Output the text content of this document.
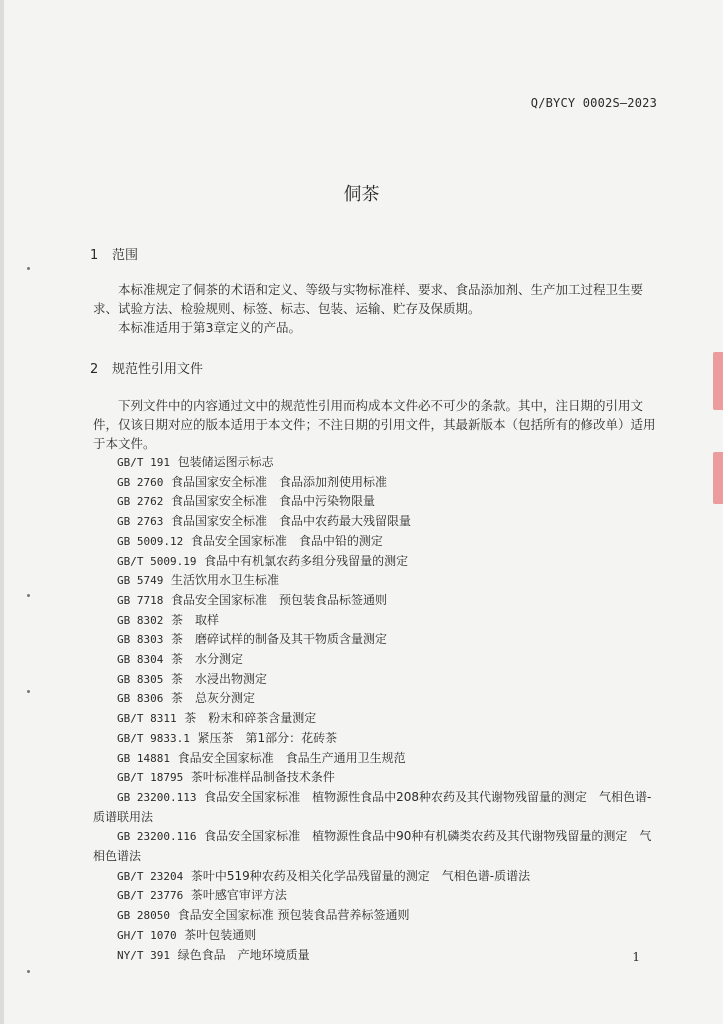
Q/BYCY 0002S—2023
侗茶
1 范围
本标准规定了侗茶的术语和定义、等级与实物标准样、要求、食品添加剂、生产加工过程卫生要求、试验方法、检验规则、标签、标志、包装、运输、贮存及保质期。
本标准适用于第3章定义的产品。
2 规范性引用文件
下列文件中的内容通过文中的规范性引用而构成本文件必不可少的条款。其中，注日期的引用文件，仅该日期对应的版本适用于本文件；不注日期的引用文件，其最新版本（包括所有的修改单）适用于本文件。
GB/T 191 包装储运图示标志
GB 2760 食品国家安全标准　食品添加剂使用标准
GB 2762 食品国家安全标准　食品中污染物限量
GB 2763 食品国家安全标准　食品中农药最大残留限量
GB 5009.12 食品安全国家标准　食品中铅的测定
GB/T 5009.19 食品中有机氯农药多组分残留量的测定
GB 5749 生活饮用水卫生标准
GB 7718 食品安全国家标准　预包装食品标签通则
GB 8302 茶　取样
GB 8303 茶　磨碎试样的制备及其干物质含量测定
GB 8304 茶　水分测定
GB 8305 茶　水浸出物测定
GB 8306 茶　总灰分测定
GB/T 8311 茶　粉末和碎茶含量测定
GB/T 9833.1 紧压茶　第1部分：花砖茶
GB 14881 食品安全国家标准　食品生产通用卫生规范
GB/T 18795 茶叶标准样品制备技术条件
GB 23200.113 食品安全国家标准　植物源性食品中208种农药及其代谢物残留量的测定　气相色谱-质谱联用法
GB 23200.116 食品安全国家标准　植物源性食品中90种有机磷类农药及其代谢物残留量的测定　气相色谱法
GB/T 23204 茶叶中519种农药及相关化学品残留量的测定　气相色谱-质谱法
GB/T 23776 茶叶感官审评方法
GB 28050 食品安全国家标准 预包装食品营养标签通则
GH/T 1070 茶叶包装通则
NY/T 391 绿色食品　产地环境质量	1
